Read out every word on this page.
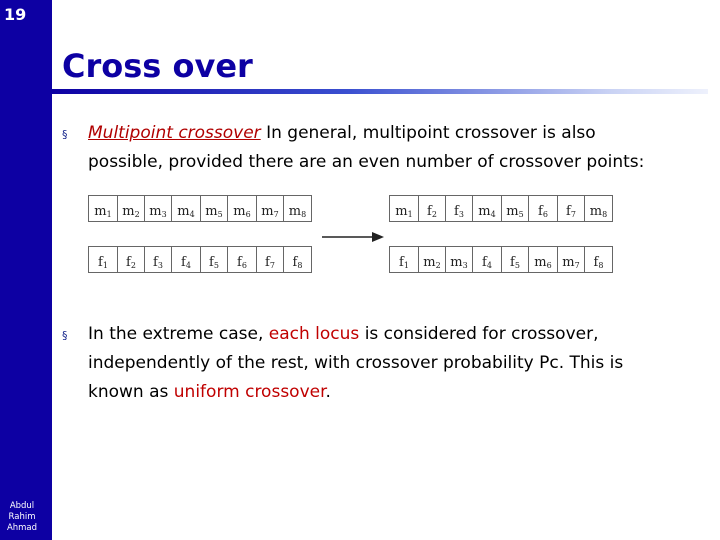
19
Abdul
Rahim
Ahmad
Cross over
§ Multipoint crossover In general, multipoint crossover is also
possible, provided there are an even number of crossover points:
$m_1$ $m_2$ $m_3$ $m_4$ $m_5$ $m_6$ $m_7$ $m_8$
$f_1$ $f_2$ $f_3$ $f_4$ $f_5$ $f_6$ $f_7$ $f_8$
$m_1$ $f_2$ $f_3$ $m_4$ $m_5$ $f_6$ $f_7$ $m_8$
$f_1$ $m_2$ $m_3$ $f_4$ $f_5$ $m_6$ $m_7$ $f_8$
§ In the extreme case, each locus is considered for crossover,
independently of the rest, with crossover probability Pc. This is
known as uniform crossover.
